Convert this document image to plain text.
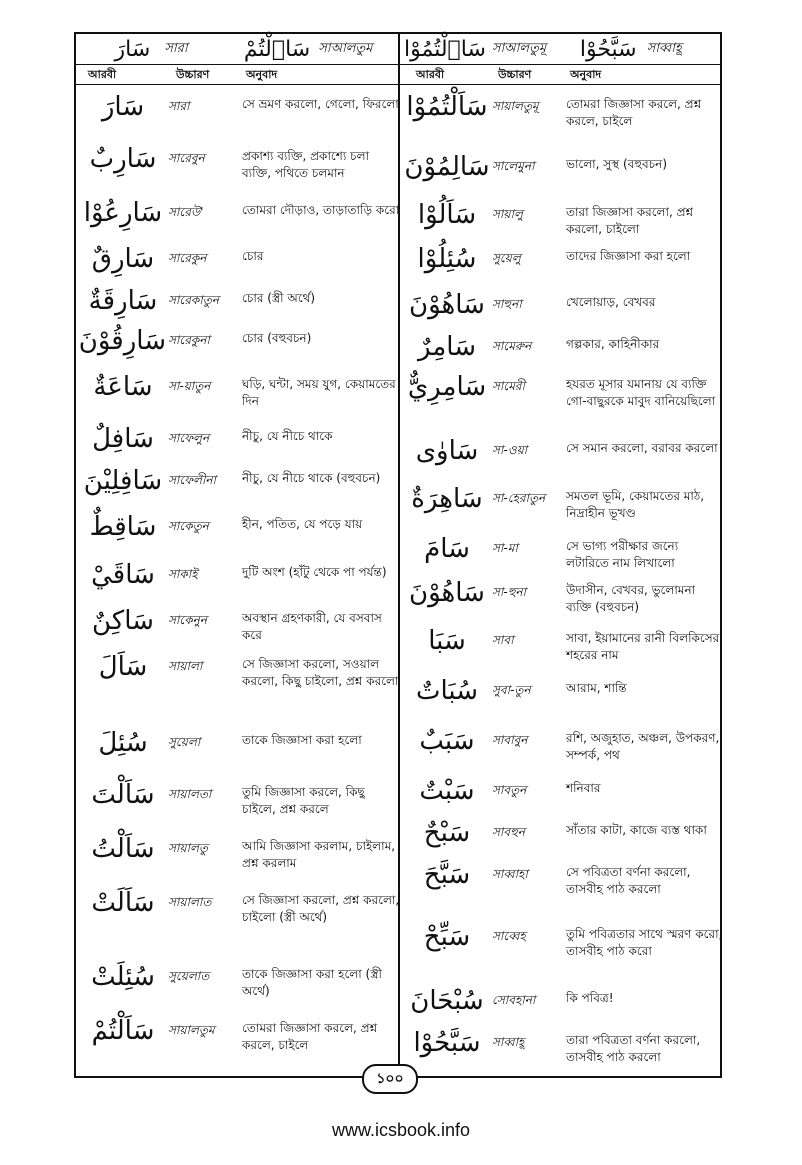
سَارَ	সারা	سَاۤلْتُمْ সাআলতুম	سَاۤلْتُمُوْا সাআলতুমূ	سَبَّحُوْا সাব্বাহূ
আরবী	উচ্চারণ	অনুবাদ	আরবী	উচ্চারণ	অনুবাদ
سَارَ	সারা	সে ভ্রমণ করলো, গেলো, ফিরলো
سَارِبٌ সারেবুন	প্রকাশ্য ব্যক্তি, প্রকাশ্যে চলা ব্যক্তি, পথিতে চলমান
سَارِعُوْا সারেউ'	তোমরা দৌড়াও, তাড়াতাড়ি করো
سَارِقٌ	সারেকুন	চোর
سَارِقَةٌ সারেকাতুন	চোর (স্ত্রী অর্থে)
سَارِقُوْنَ সারেকুনা	চোর (বহুবচন)
سَاعَةٌ	সা-য়াতুন	ঘড়ি, ঘন্টা, সময় যুগ, কেয়ামতের দিন
سَافِلٌ	সাফেলুন	নীচু, যে নীচে থাকে
سَافِلِيْنَ সাফেলীনা	নীচু, যে নীচে থাকে (বহুবচন)
سَاقِطٌ সাকেতুন	হীন, পতিত, যে পড়ে যায়
سَاقَيْ	সাকাই	দুটি অংশ (হাঁটু থেকে পা পর্যন্ত)
سَاكِنٌ	সাকেনুন	অবস্থান গ্রহণকারী, যে বসবাস করে
سَاَلَ	সায়ালা	সে জিজ্ঞাসা করলো, সওয়াল করলো, কিছু চাইলো, প্রশ্ন করলো
سُئِلَ	সুয়েলা	তাকে জিজ্ঞাসা করা হলো
سَاَلْتَ	সায়ালতা	তুমি জিজ্ঞাসা করলে, কিছু চাইলে, প্রশ্ন করলে
سَاَلْتُ	সায়ালতু	আমি জিজ্ঞাসা করলাম, চাইলাম, প্রশ্ন করলাম
سَاَلَتْ	সায়ালাত	সে জিজ্ঞাসা করলো, প্রশ্ন করলো, চাইলো (স্ত্রী অর্থে)
سُئِلَتْ	সুয়েলাত	তাকে জিজ্ঞাসা করা হলো (স্ত্রী অর্থে)
سَاَلْتُمْ	সায়ালতুম	তোমরা জিজ্ঞাসা করলে, প্রশ্ন করলে, চাইলে
سَاَلْتُمُوْا সায়ালতুমূ	তোমরা জিজ্ঞাসা করলে, প্রশ্ন করলে, চাইলে
سَالِمُوْنَ সালেমুনা	ভালো, সুস্থ (বহুবচন)
سَاَلُوْا	সায়ালু	তারা জিজ্ঞাসা করলো, প্রশ্ন করলো, চাইলো
سُئِلُوْا	সুয়েলু	তাদের জিজ্ঞাসা করা হলো
سَاهُوْنَ সাহুনা	খেলোয়াড়, বেখবর
سَامِرٌ	সামেরুন	গল্পকার, কাহিনীকার
سَامِرِيٌّ সামেরী	হযরত মূসার যমানায় যে ব্যক্তি গো-বাছুরকে মাবুদ বানিয়েছিলো
سَاوٰى	সা-ওয়া	সে সমান করলো, বরাবর করলো
سَاهِرَةٌ সা-হেরাতুন	সমতল ভূমি, কেয়ামতের মাঠ, নিদ্রাহীন ভূখণ্ড
سَامَ	সা-মা	সে ভাগ্য পরীক্ষার জন্যে লটারিতে নাম লিখালো
سَاهُوْنَ সা-হুনা	উদাসীন, বেখবর, ভুলোমনা ব্যক্তি (বহুবচন)
سَبَا	সাবা	সাবা, ইয়ামানের রানী বিলকিসের শহরের নাম
سُبَاتٌ	সুবা-তুন	আরাম, শান্তি
سَبَبٌ	সাবাবুন	রশি, অজুহাত, অঞ্চল, উপকরণ, সম্পর্ক, পথ
سَبْتٌ	সাবতুন	শনিবার
سَبْحٌ	সাবহুন	সাঁতার কাটা, কাজে ব্যস্ত থাকা
سَبَّحَ	সাব্বাহা	সে পবিত্রতা বর্ণনা করলো, তাসবীহ পাঠ করলো
سَبِّحْ	সাব্বেহ	তুমি পবিত্রতার সাথে স্মরণ করো, তাসবীহ পাঠ করো
سُبْحَانَ সোবহানা	কি পবিত্র!
سَبَّحُوْا সাব্বাহূ	তারা পবিত্রতা বর্ণনা করলো, তাসবীহ পাঠ করলো
১০০
www.icsbook.info
